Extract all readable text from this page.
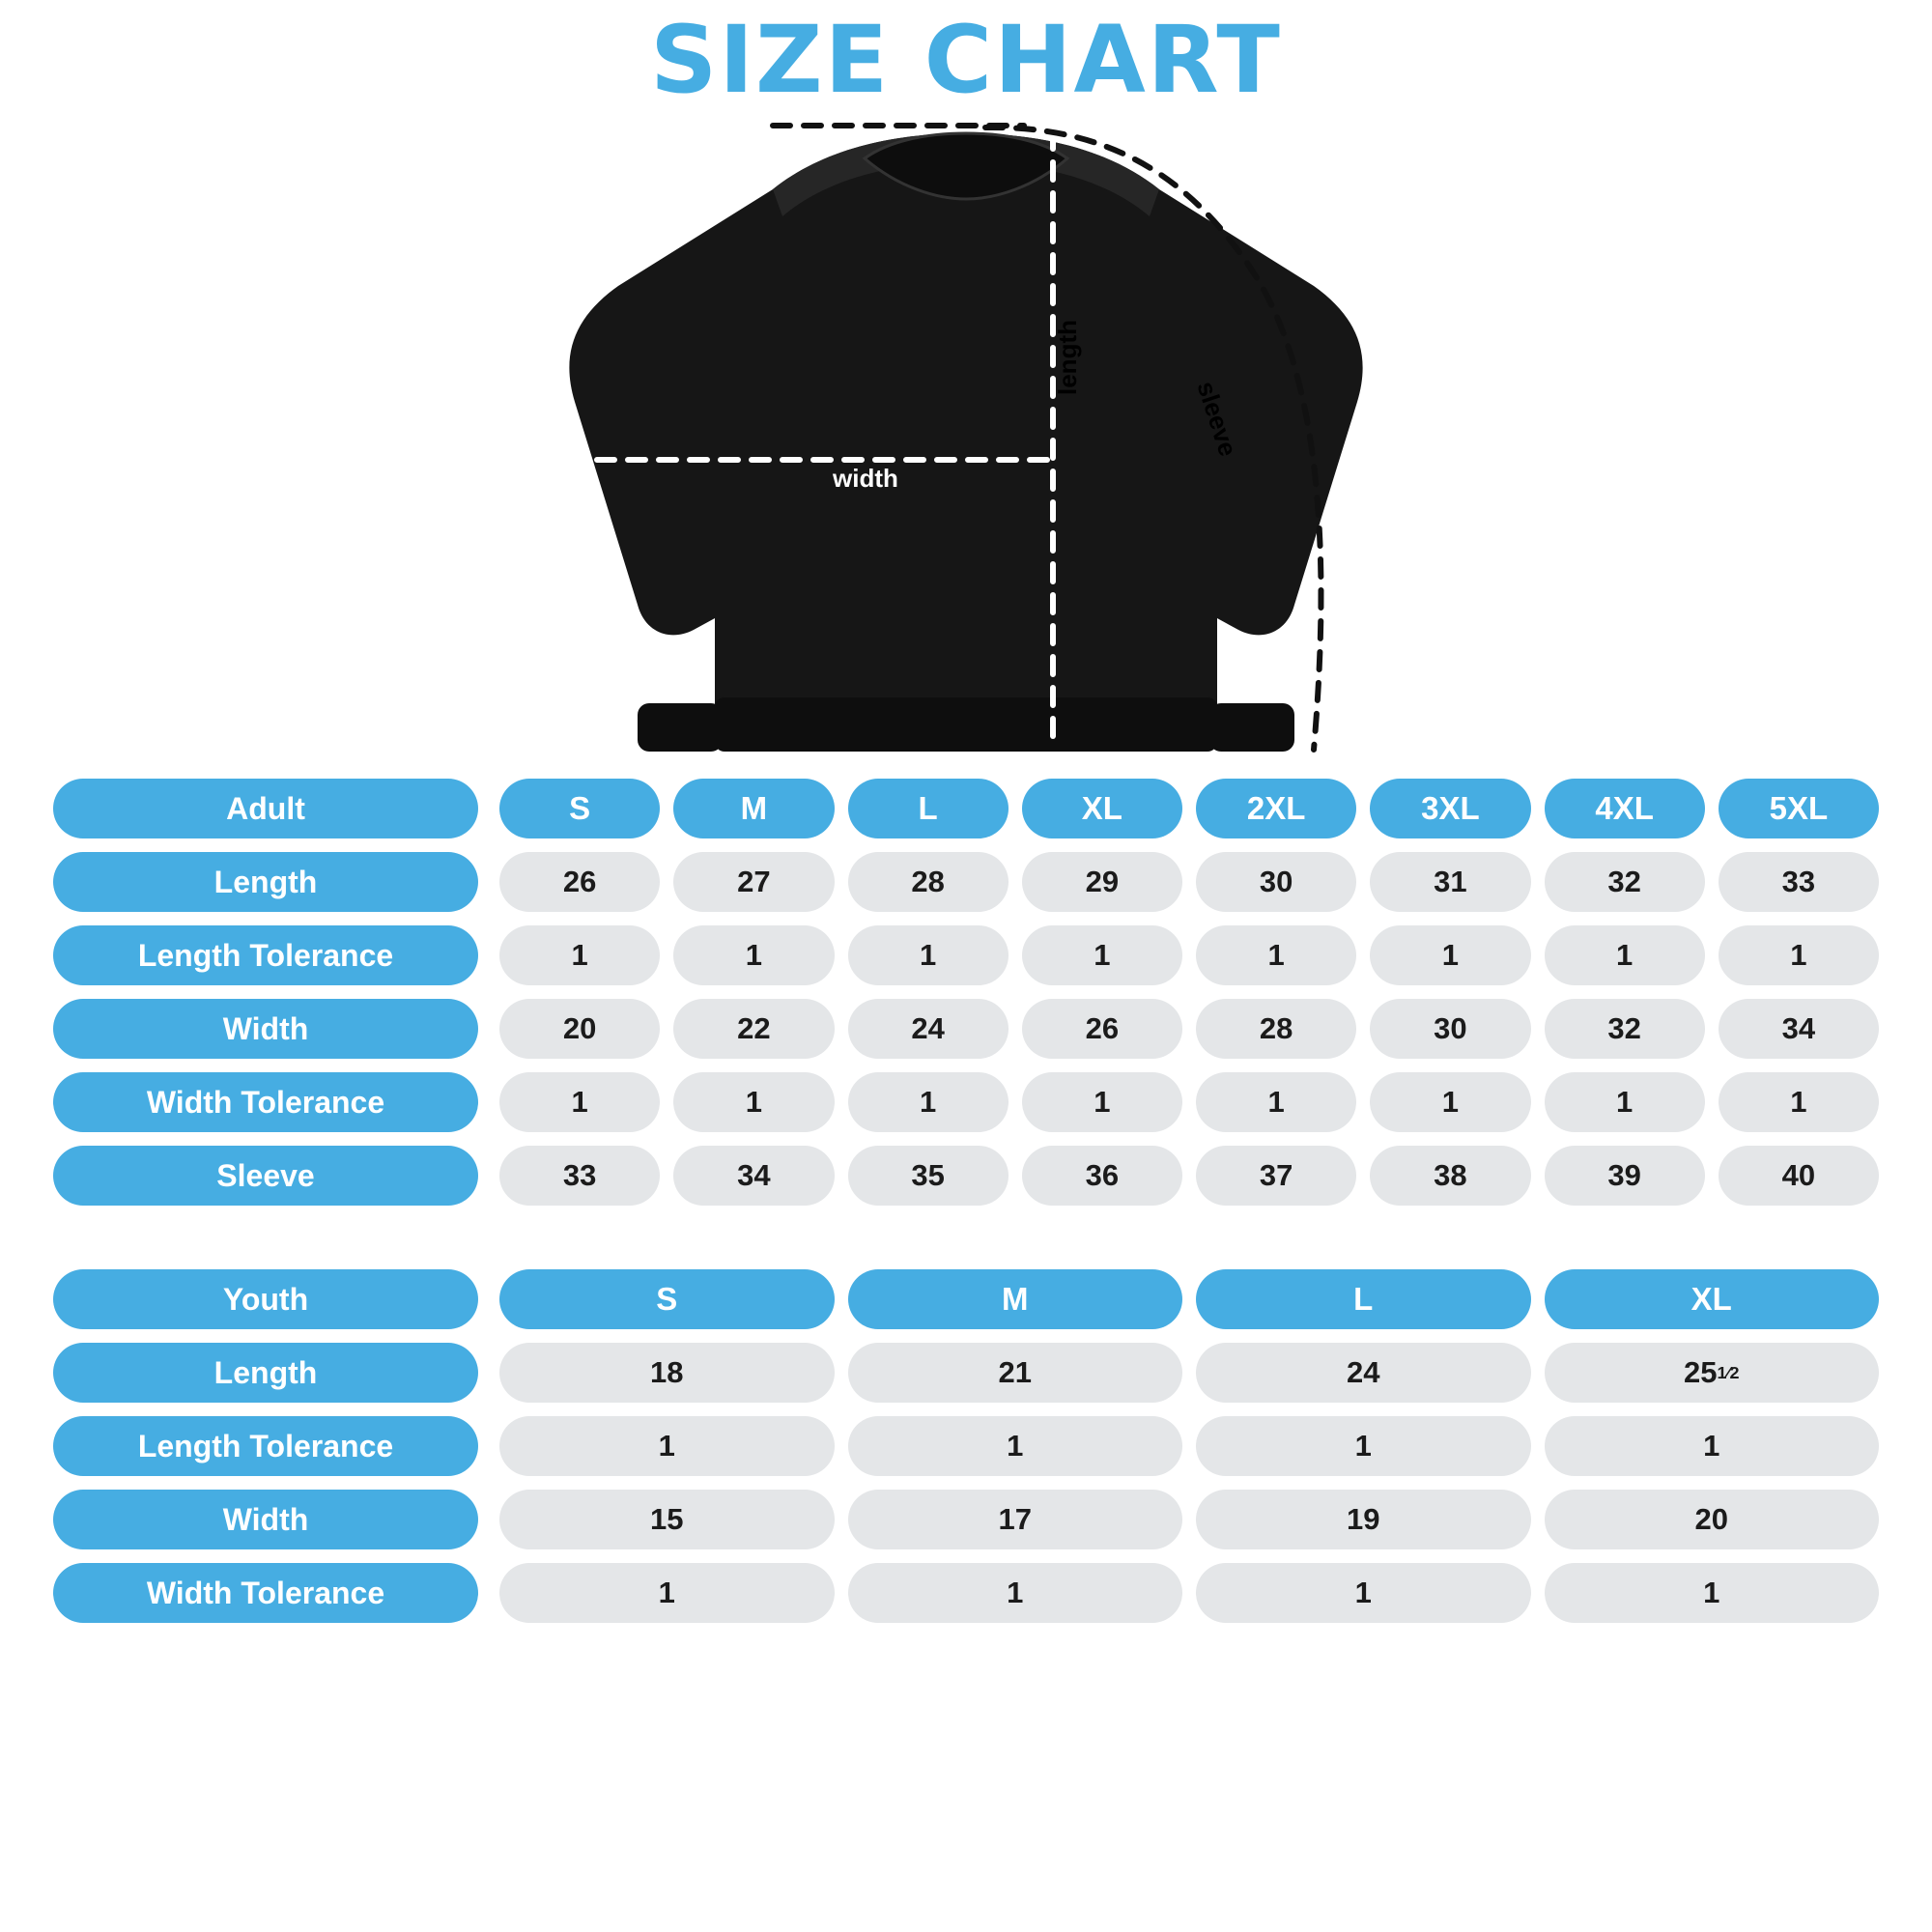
SIZE CHART
width
length
sleeve
Adult	S	M	L	XL	2XL	3XL	4XL	5XL
Length	26	27	28	29	30	31	32	33
Length Tolerance	1	1	1	1	1	1	1	1
Width	20	22	24	26	28	30	32	34
Width Tolerance	1	1	1	1	1	1	1	1
Sleeve	33	34	35	36	37	38	39	40
Youth	S	M	L	XL
Length	18	21	24	25 1⁄2
Length Tolerance	1	1	1	1
Width	15	17	19	20
Width Tolerance	1	1	1	1
